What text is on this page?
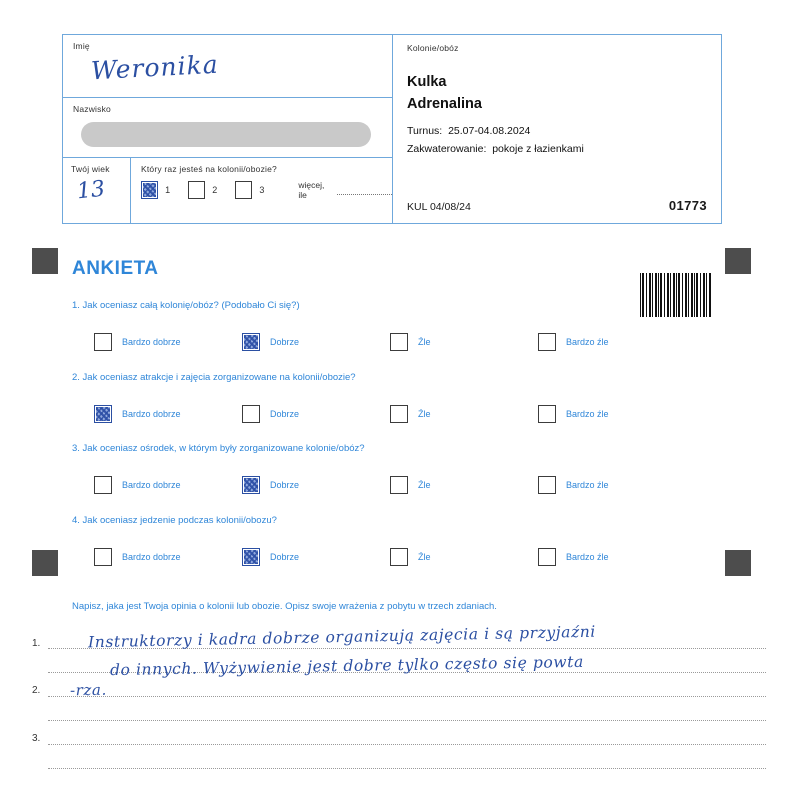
Imię
Weronika
Nazwisko
Twój wiek
13
Który raz jesteś na kolonii/obozie?
1	2	3	więcej, ile
Kolonie/obóz
Kulka
Adrenalina
Turnus: 25.07-04.08.2024
Zakwaterowanie: pokoje z łazienkami
KUL 04/08/24	01773
ANKIETA
1. Jak oceniasz całą kolonię/obóz? (Podobało Ci się?)
Bardzo dobrze	Dobrze	Źle	Bardzo źle
2. Jak oceniasz atrakcje i zajęcia zorganizowane na kolonii/obozie?
Bardzo dobrze	Dobrze	Źle	Bardzo źle
3. Jak oceniasz ośrodek, w którym były zorganizowane kolonie/obóz?
Bardzo dobrze	Dobrze	Źle	Bardzo źle
4. Jak oceniasz jedzenie podczas kolonii/obozu?
Bardzo dobrze	Dobrze	Źle	Bardzo źle
Napisz, jaka jest Twoja opinia o kolonii lub obozie. Opisz swoje wrażenia z pobytu w trzech zdaniach.
1.
2.
3.
Instruktorzy i kadra dobrze organizują zajęcia i są przyjaźni
do innych. Wyżywienie jest dobre tylko często się powta
-rza.
